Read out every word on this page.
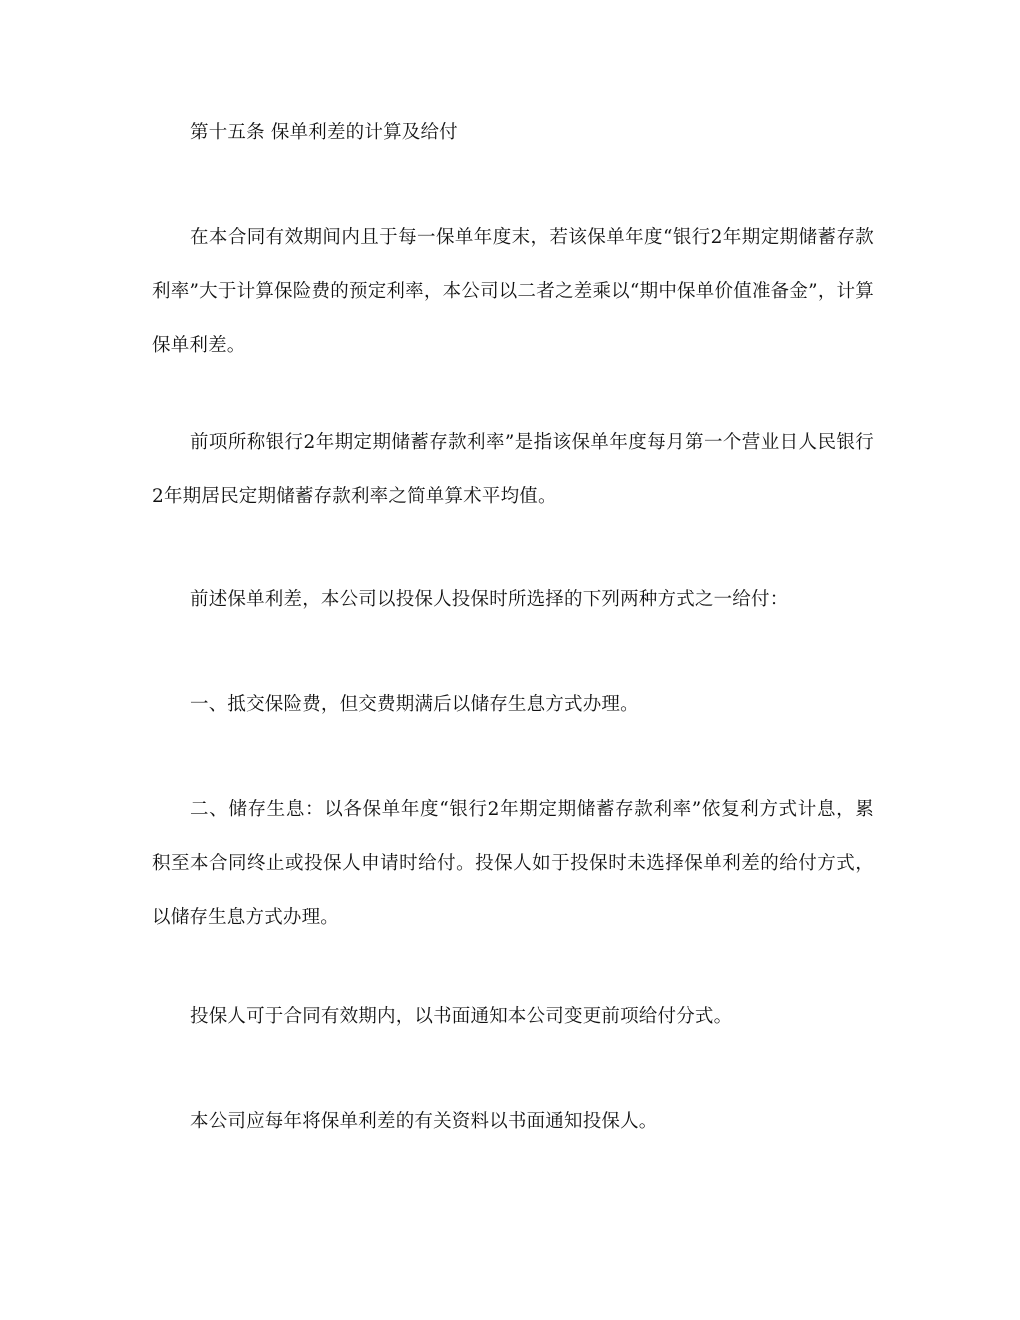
第十五条 保单利差的计算及给付

在本合同有效期间内且于每一保单年度末，若该保单年度“银行2年期定期储蓄存款利率”大于计算保险费的预定利率，本公司以二者之差乘以“期中保单价值准备金”，计算保单利差。

前项所称银行2年期定期储蓄存款利率”是指该保单年度每月第一个营业日人民银行2年期居民定期储蓄存款利率之简单算术平均值。

前述保单利差，本公司以投保人投保时所选择的下列两种方式之一给付：

一、抵交保险费，但交费期满后以储存生息方式办理。

二、储存生息：以各保单年度“银行2年期定期储蓄存款利率”依复利方式计息，累积至本合同终止或投保人申请时给付。投保人如于投保时未选择保单利差的给付方式，以储存生息方式办理。

投保人可于合同有效期内，以书面通知本公司变更前项给付分式。

本公司应每年将保单利差的有关资料以书面通知投保人。
